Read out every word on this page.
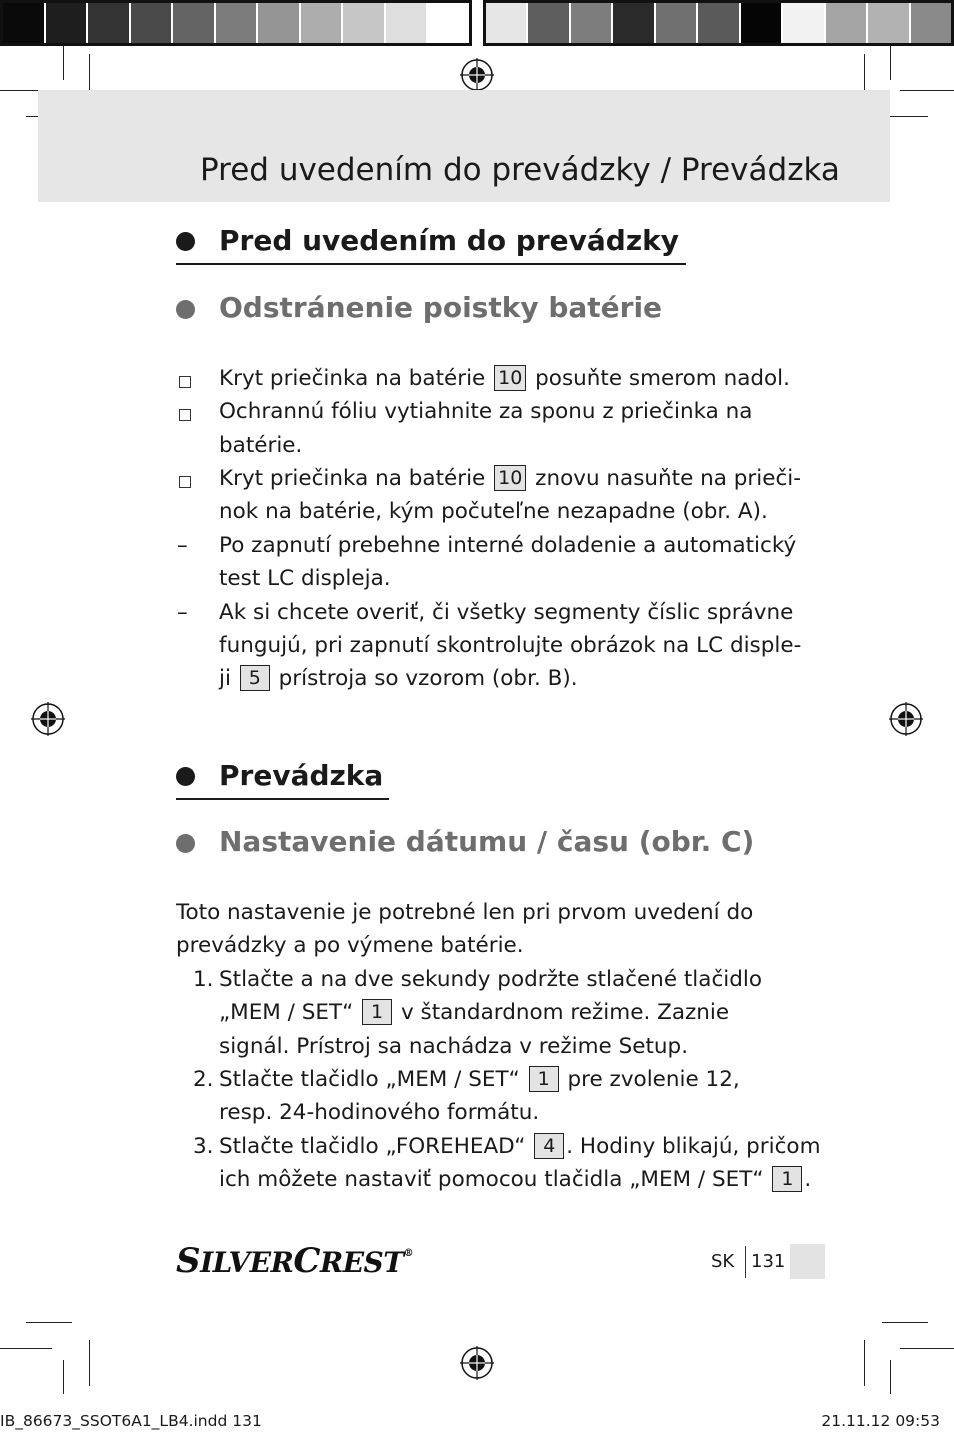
Pred uvedením do prevádzky / Prevádzka
Pred uvedením do prevádzky
Odstránenie poistky batérie
Kryt priečinka na batérie 10 posuňte smerom nadol.
Ochrannú fóliu vytiahnite za sponu z priečinka na
batérie.
Kryt priečinka na batérie 10 znovu nasuňte na prieči-
nok na batérie, kým počuteľne nezapadne (obr. A).
– Po zapnutí prebehne interné doladenie a automatický
test LC displeja.
– Ak si chcete overiť, či všetky segmenty číslic správne
fungujú, pri zapnutí skontrolujte obrázok na LC disple-
ji 5 prístroja so vzorom (obr. B).
Prevádzka
Nastavenie dátumu / času (obr. C)
Toto nastavenie je potrebné len pri prvom uvedení do
prevádzky a po výmene batérie.
1. Stlačte a na dve sekundy podržte stlačené tlačidlo
„MEM / SET“ 1 v štandardnom režime. Zaznie
signál. Prístroj sa nachádza v režime Setup.
2. Stlačte tlačidlo „MEM / SET“ 1 pre zvolenie 12,
resp. 24-hodinového formátu.
3. Stlačte tlačidlo „FOREHEAD“ 4 . Hodiny blikajú, pričom
ich môžete nastaviť pomocou tlačidla „MEM / SET“ 1 .
SILVERCREST®	SK 131
IB_86673_SSOT6A1_LB4.indd 131	21.11.12 09:53
